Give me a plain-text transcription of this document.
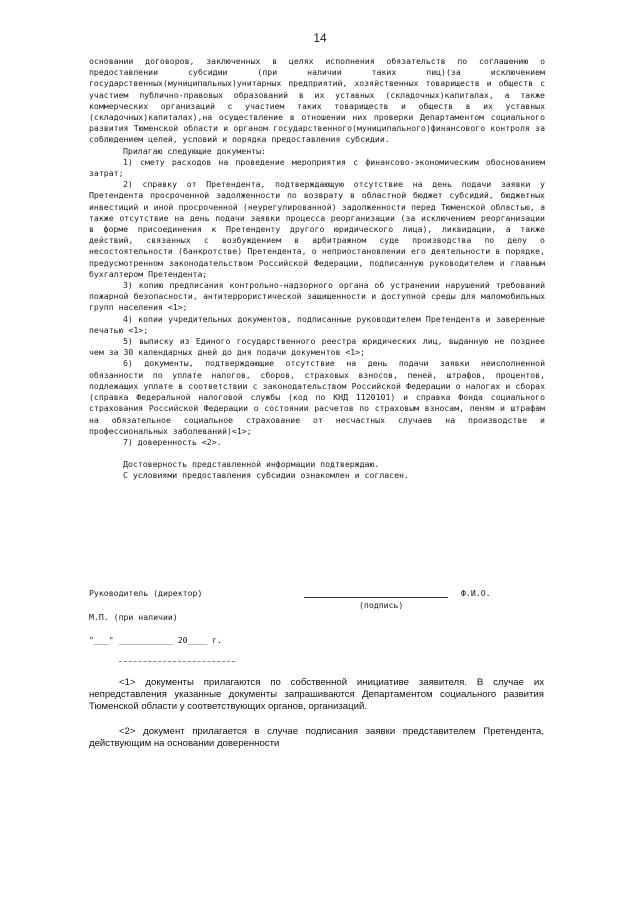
14

основании договоров, заключенных в целях исполнения обязательств по соглашению о предоставлении субсидии (при наличии таких лиц)(за исключением государственных(муниципальных)унитарных предприятий, хозяйственных товариществ и обществ с участием публично-правовых образований в их уставных (складочных)капиталах, а также коммерческих организаций с участием таких товариществ и обществ в их уставных (складочных)капиталах),на осуществление в отношении них проверки Департаментом социального развития Тюменской области и органом государственного(муниципального)финансового контроля за соблюдением целей, условий и порядка предоставления субсидии.

Прилагаю следующие документы:

1) смету расходов на проведение мероприятия с финансово-экономическим обоснованием затрат;

2) справку от Претендента, подтверждающую отсутствие на день подачи заявки у Претендента просроченной задолженности по возврату в областной бюджет субсидий, бюджетных инвестиций и иной просроченной (неурегулированной) задолженности перед Тюменской областью, а также отсутствие на день подачи заявки процесса реорганизации (за исключением реорганизации в форме присоединения к Претенденту другого юридического лица), ликвидации, а также действий, связанных с возбуждением в арбитражном суде производства по делу о несостоятельности (банкротстве) Претендента, о неприостановлении его деятельности в порядке, предусмотренном законодательством Российской Федерации, подписанную руководителем и главным бухгалтером Претендента;

3) копию предписания контрольно-надзорного органа об устранении нарушений требований пожарной безопасности, антитеррористической защищенности и доступной среды для маломобильных групп населения <1>;

4) копии учредительных документов, подписанные руководителем Претендента и заверенные печатью <1>;

5) выписку из Единого государственного реестра юридических лиц, выданную не позднее чем за 30 календарных дней до дня подачи документов <1>;

6) документы, подтверждающие отсутствие на день подачи заявки неисполненной обязанности по уплате налогов, сборов, страховых взносов, пеней, штрафов, процентов, подлежащих уплате в соответствии с законодательством Российской Федерации о налогах и сборах (справка Федеральной налоговой службы (код по КНД 1120101) и справка Фонда социального страхования Российской Федерации о состоянии расчетов по страховым взносам, пеням и штрафам на обязательное социальное страхование от несчастных случаев на производстве и профессиональных заболеваний)<1>;

7) доверенность <2>.

Достоверность представленной информации подтверждаю.

С условиями предоставления субсидии ознакомлен и согласен.

Руководитель (директор)	Ф.И.О.
(подпись)
М.П. (при наличии)
"___" ___________ 20____ г.

<1> документы прилагаются по собственной инициативе заявителя. В случае их непредставления указанные документы запрашиваются Департаментом социального развития Тюменской области у соответствующих органов, организаций.

<2> документ прилагается в случае подписания заявки представителем Претендента, действующим на основании доверенности
